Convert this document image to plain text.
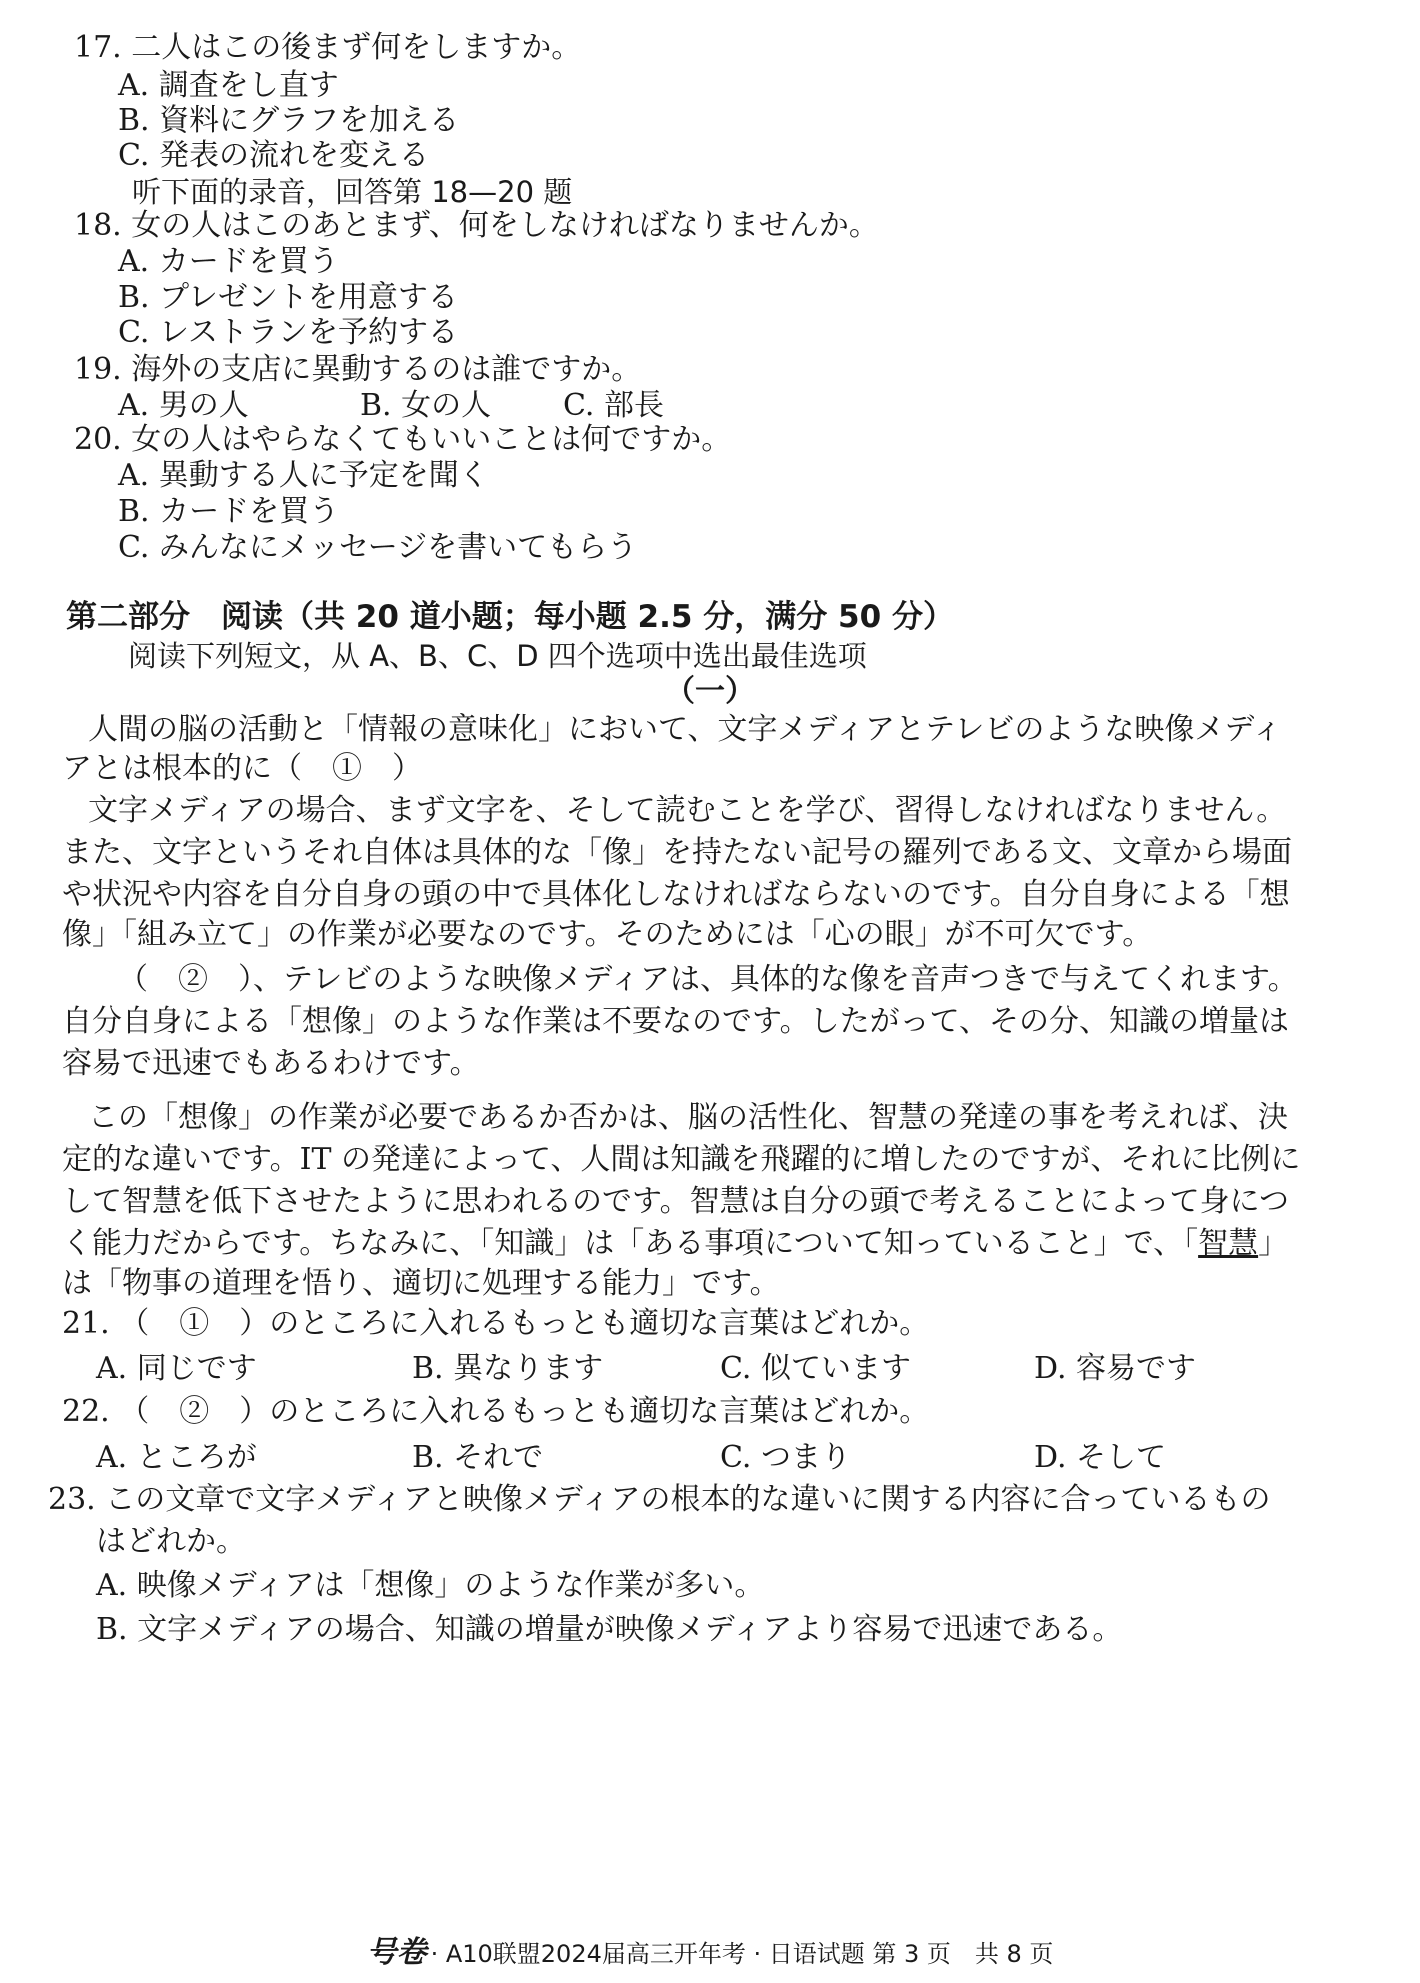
17. 二人はこの後まず何をしますか。
A. 調査をし直す
B. 資料にグラフを加える
C. 発表の流れを変える
听下面的录音，回答第 18—20 题
18. 女の人はこのあとまず、何をしなければなりませんか。
A. カードを買う
B. プレゼントを用意する
C. レストランを予約する
19. 海外の支店に異動するのは誰ですか。
A. 男の人	B. 女の人 C. 部長
20. 女の人はやらなくてもいいことは何ですか。
A. 異動する人に予定を聞く
B. カードを買う
C. みんなにメッセージを書いてもらう
第二部分　阅读（共 20 道小题；每小题 2.5 分，满分 50 分）
阅读下列短文，从 A、B、C、D 四个选项中选出最佳选项
（一）
人間の脳の活動と「情報の意味化」において、文字メディアとテレビのような映像メディ
アとは根本的に（　①　）
文字メディアの場合、まず文字を、そして読むことを学び、習得しなければなりません。
また、文字というそれ自体は具体的な「像」を持たない記号の羅列である文、文章から場面
や状況や内容を自分自身の頭の中で具体化しなければならないのです。自分自身による「想
像」「組み立て」の作業が必要なのです。そのためには「心の眼」が不可欠です。
（　②　）、テレビのような映像メディアは、具体的な像を音声つきで与えてくれます。
自分自身による「想像」のような作業は不要なのです。したがって、その分、知識の増量は
容易で迅速でもあるわけです。
この「想像」の作業が必要であるか否かは、脳の活性化、智慧の発達の事を考えれば、決
定的な違いです。IT の発達によって、人間は知識を飛躍的に増したのですが、それに比例に
して智慧を低下させたように思われるのです。智慧は自分の頭で考えることによって身につ
く能力だからです。ちなみに、「知識」は「ある事項について知っていること」で、「智慧」
は「物事の道理を悟り、適切に処理する能力」です。
21. （　①　）のところに入れるもっとも適切な言葉はどれか。
A. 同じです	B. 異なります	C. 似ています	D. 容易です
22. （　②　）のところに入れるもっとも適切な言葉はどれか。
A. ところが	B. それで	C. つまり	D. そして
23. この文章で文字メディアと映像メディアの根本的な違いに関する内容に合っているもの
はどれか。
A. 映像メディアは「想像」のような作業が多い。
B. 文字メディアの場合、知識の増量が映像メディアより容易で迅速である。
号卷 · A10联盟2024届高三开年考 · 日语试题 第 3 页　共 8 页
